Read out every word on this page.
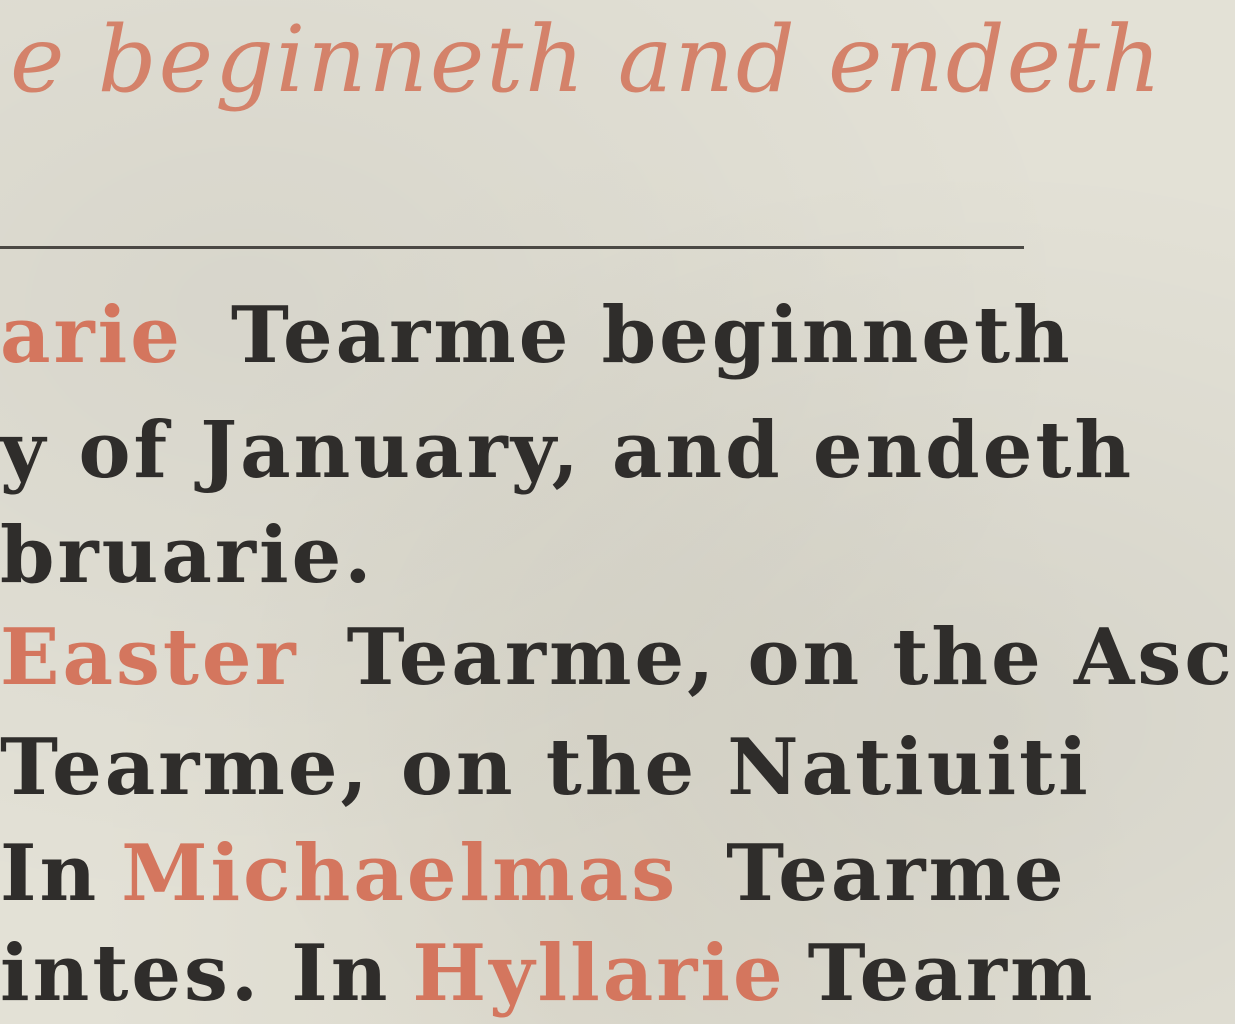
e beginneth and endeth
arie Tearme beginneth
y of January, and endeth
bruarie.
Easter Tearme, on the Asc
Tearme, on the Natiuiti
In Michaelmas Tearme
intes. In Hyllarie Tearm
